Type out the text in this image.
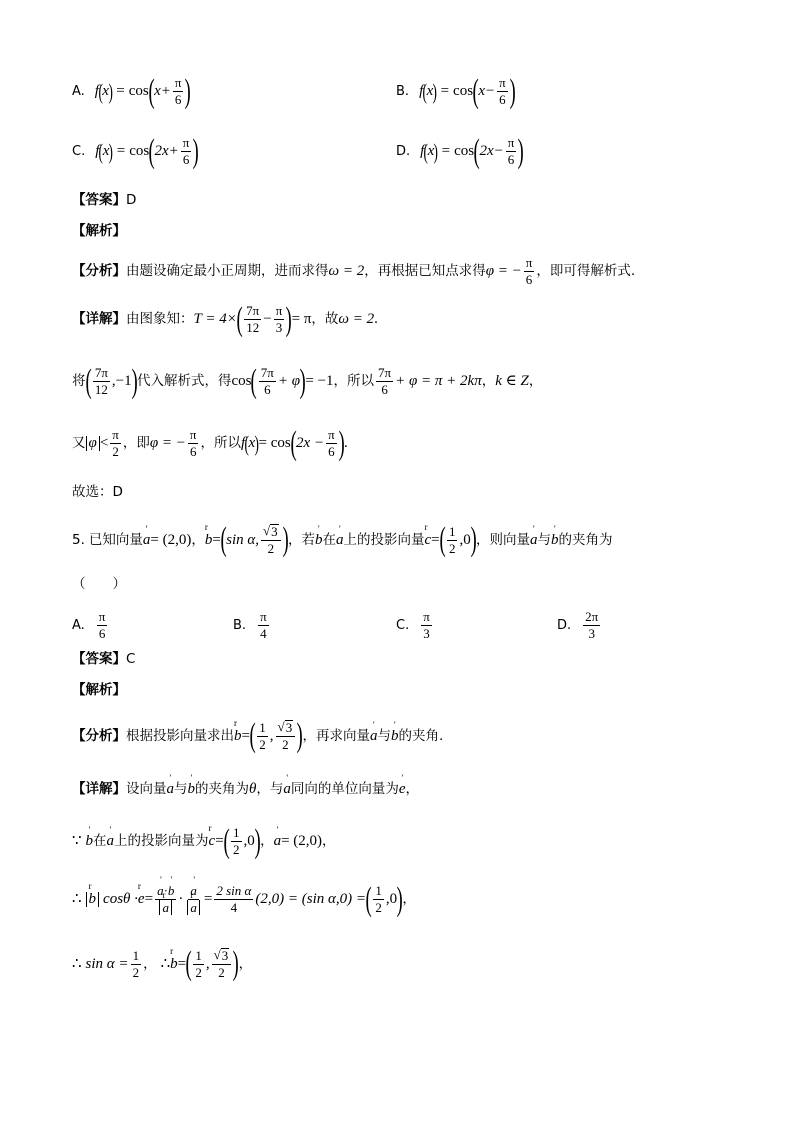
A. f ( x ) = cos ( $x+ \frac{\pi}{6}$ )	B. f ( x ) = cos ( $x- \frac{\pi}{6}$ )
C. f ( x ) = cos ( $2x+ \frac{\pi}{6}$ )	D. f ( x ) = cos ( $2x- \frac{\pi}{6}$ )
【答案】 D
【解析】
【分析】 由题设确定最小正周期，进而求得 ω = 2 ，再根据已知点求得 φ = − $\frac{\pi}{6}$ ，即可得解析式.
【详解】 由图象知： T = 4× ( $\frac{7\pi}{12} - \frac{\pi}{3}$ ) = π ，故 ω = 2 .
将 ( $\frac{7\pi}{12} ,-1$ ) 代入解析式，得 cos ( $\frac{7\pi}{6} + \varphi$ ) = −1 ，所以 $\frac{7\pi}{6} + \varphi = \pi + 2k\pi$ ， k ∈ Z ，
又 $\varphi < \frac{\pi}{2}$ ，即 φ = − $\frac{\pi}{6}$ ，所以 f ( x ) = cos ( $2x - \frac{\pi}{6}$ ) .
故选：D
5. 已知向量 ' a = (2,0) ， r b = ( sin α, $\frac{√ 3}{2}$ ) ，若 ' b 在 ' a 上的投影向量 r c = ( $\frac{1}{2} ,0$ ) ，则向量 ' a 与 ' b 的夹角为
（　　）
A. $\frac{\pi}{6}$	B. $\frac{\pi}{4}$	C. $\frac{\pi}{3}$	D. $\frac{2\pi}{3}$
【答案】 C
【解析】
【分析】 根据投影向量求出 r b = ( $\frac{1}{2}$ , $\frac{√ 3}{2}$ ) ，再求向量 ' a 与 ' b 的夹角.
【详解】 设向量 ' a 与 ' b 的夹角为 θ ，与 ' a 同向的单位向量为 ' e ，
∵ ' b 在 ' a 上的投影向量为 r c = ( $\frac{1}{2} ,0$ ) ， ' a = (2,0) ，
∴ r b cosθ · r e = ' a·' b
r a · ' a
r $a = \frac{\text{2 sin α}}{4} (2,0) = (\sin$ α,0) = ( $\frac{1}{2} ,0$ ) ，
∴ $\sin \alpha = \frac{1}{2}$ ， ∴ r b = ( $\frac{1}{2}$ , $\frac{√ 3}{2}$ ) ，
